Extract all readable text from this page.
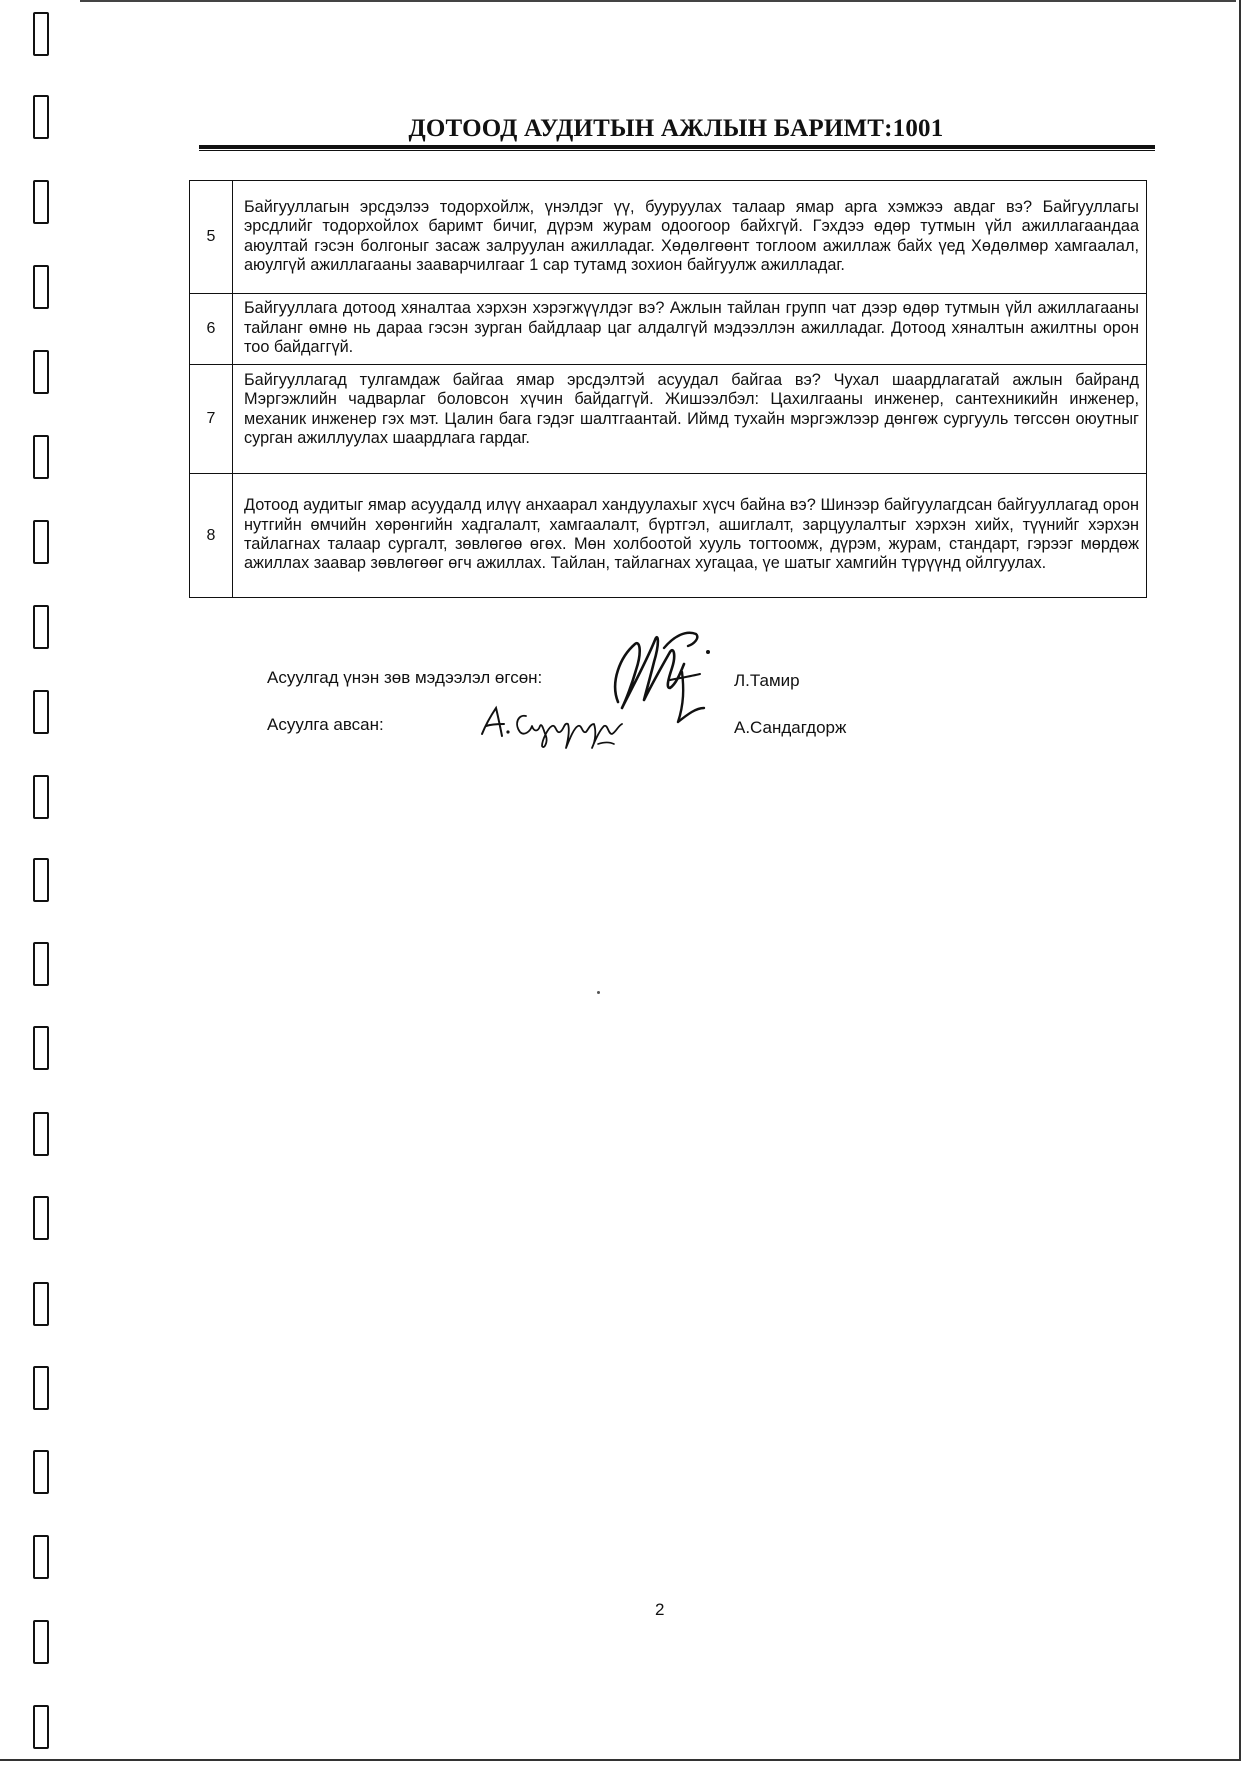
ДОТООД АУДИТЫН АЖЛЫН БАРИМТ:1001
5	Байгууллагын эрсдэлээ тодорхойлж, үнэлдэг үү, бууруулах талаар ямар арга хэмжээ авдаг вэ? Байгууллагы эрсдлийг тодорхойлох баримт бичиг, дүрэм журам одоогоор байхгүй. Гэхдээ өдөр тутмын үйл ажиллагаандаа аюултай гэсэн болгоныг засаж залруулан ажилладаг. Хөдөлгөөнт тоглоом ажиллаж байх үед Хөдөлмөр хамгаалал, аюулгүй ажиллагааны зааварчилгааг 1 сар тутамд зохион байгуулж ажилладаг.
6	Байгууллага дотоод хяналтаа хэрхэн хэрэгжүүлдэг вэ? Ажлын тайлан групп чат дээр өдөр тутмын үйл ажиллагааны тайланг өмнө нь дараа гэсэн зурган байдлаар цаг алдалгүй мэдээллэн ажилладаг. Дотоод хяналтын ажилтны орон тоо байдаггүй.
7	Байгууллагад тулгамдаж байгаа ямар эрсдэлтэй асуудал байгаа вэ? Чухал шаардлагатай ажлын байранд Мэргэжлийн чадварлаг боловсон хүчин байдаггүй. Жишээлбэл: Цахилгааны инженер, сантехникийн инженер, механик инженер гэх мэт. Цалин бага гэдэг шалтгаантай. Иймд тухайн мэргэжлээр дөнгөж сургууль төгссөн оюутныг сурган ажиллуулах шаардлага гардаг.
8	Дотоод аудитыг ямар асуудалд илүү анхаарал хандуулахыг хүсч байна вэ? Шинээр байгуулагдсан байгууллагад орон нутгийн өмчийн хөрөнгийн хадгалалт, хамгаалалт, бүртгэл, ашиглалт, зарцуулалтыг хэрхэн хийх, түүнийг хэрхэн тайлагнах талаар сургалт, зөвлөгөө өгөх. Мөн холбоотой хууль тогтоомж, дүрэм, журам, стандарт, гэрээг мөрдөж ажиллах заавар зөвлөгөөг өгч ажиллах. Тайлан, тайлагнах хугацаа, үе шатыг хамгийн түрүүнд ойлгуулах.
Асуулгад үнэн зөв мэдээлэл өгсөн:	Л.Тамир
Асуулга авсан:	А.Сандагдорж
2
